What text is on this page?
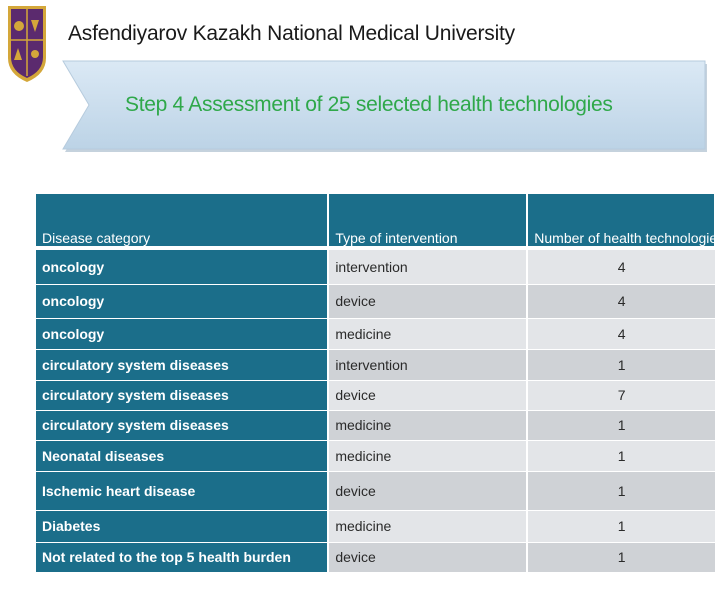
Asfendiyarov Kazakh National Medical University
Step 4 Assessment of 25 selected health technologies
Disease category	Type of intervention	Number of health technologies
oncology	intervention	4
oncology	device	4
oncology	medicine	4
circulatory system diseases	intervention	1
circulatory system diseases	device	7
circulatory system diseases	medicine	1
Neonatal diseases	medicine	1
Ischemic heart disease	device	1
Diabetes	medicine	1
Not related to the top 5 health burden	device	1
